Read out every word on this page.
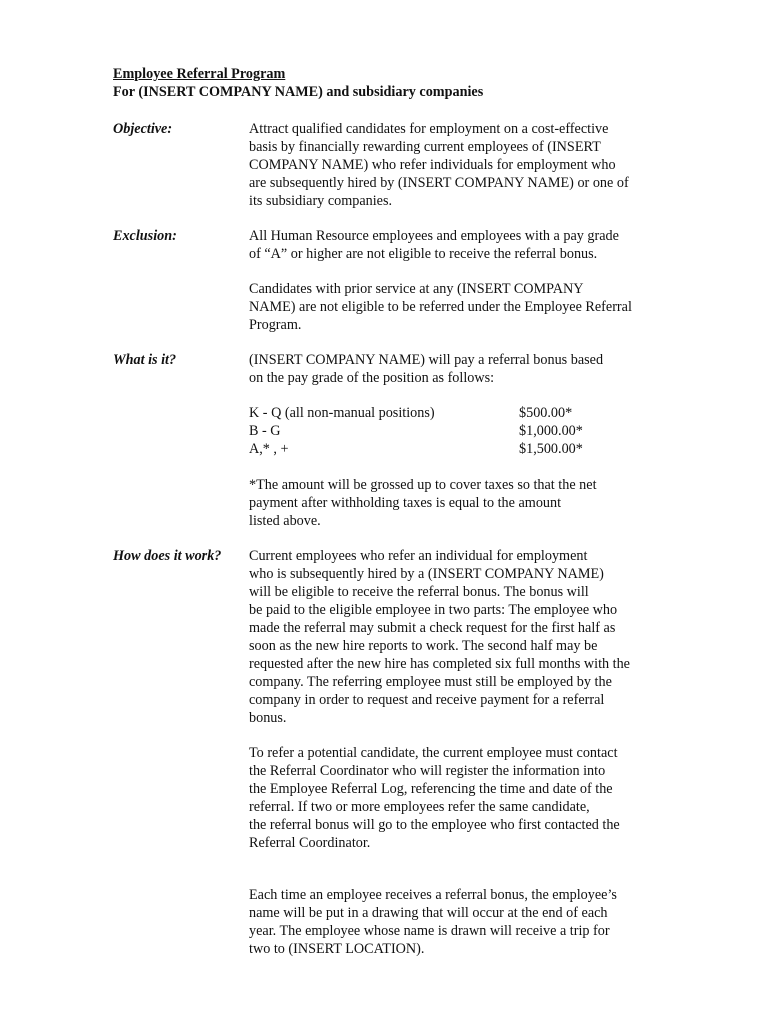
Employee Referral Program
For (INSERT COMPANY NAME) and subsidiary companies
Objective:	Attract qualified candidates for employment on a cost-effective
basis by financially rewarding current employees of (INSERT
COMPANY NAME) who refer individuals for employment who
are subsequently hired by (INSERT COMPANY NAME) or one of
its subsidiary companies.
Exclusion:	All Human Resource employees and employees with a pay grade
of “A” or higher are not eligible to receive the referral bonus.
Candidates with prior service at any (INSERT COMPANY
NAME) are not eligible to be referred under the Employee Referral
Program.
What is it?	(INSERT COMPANY NAME) will pay a referral bonus based
on the pay grade of the position as follows:
K - Q (all non-manual positions)	$500.00*
B - G	$1,000.00*
A,* , +	$1,500.00*
*The amount will be grossed up to cover taxes so that the net
payment after withholding taxes is equal to the amount
listed above.
How does it work? Current employees who refer an individual for employment
who is subsequently hired by a (INSERT COMPANY NAME)
will be eligible to receive the referral bonus. The bonus will
be paid to the eligible employee in two parts: The employee who
made the referral may submit a check request for the first half as
soon as the new hire reports to work. The second half may be
requested after the new hire has completed six full months with the
company. The referring employee must still be employed by the
company in order to request and receive payment for a referral
bonus.
To refer a potential candidate, the current employee must contact
the Referral Coordinator who will register the information into
the Employee Referral Log, referencing the time and date of the
referral. If two or more employees refer the same candidate,
the referral bonus will go to the employee who first contacted the
Referral Coordinator.
Each time an employee receives a referral bonus, the employee’s
name will be put in a drawing that will occur at the end of each
year. The employee whose name is drawn will receive a trip for
two to (INSERT LOCATION).
